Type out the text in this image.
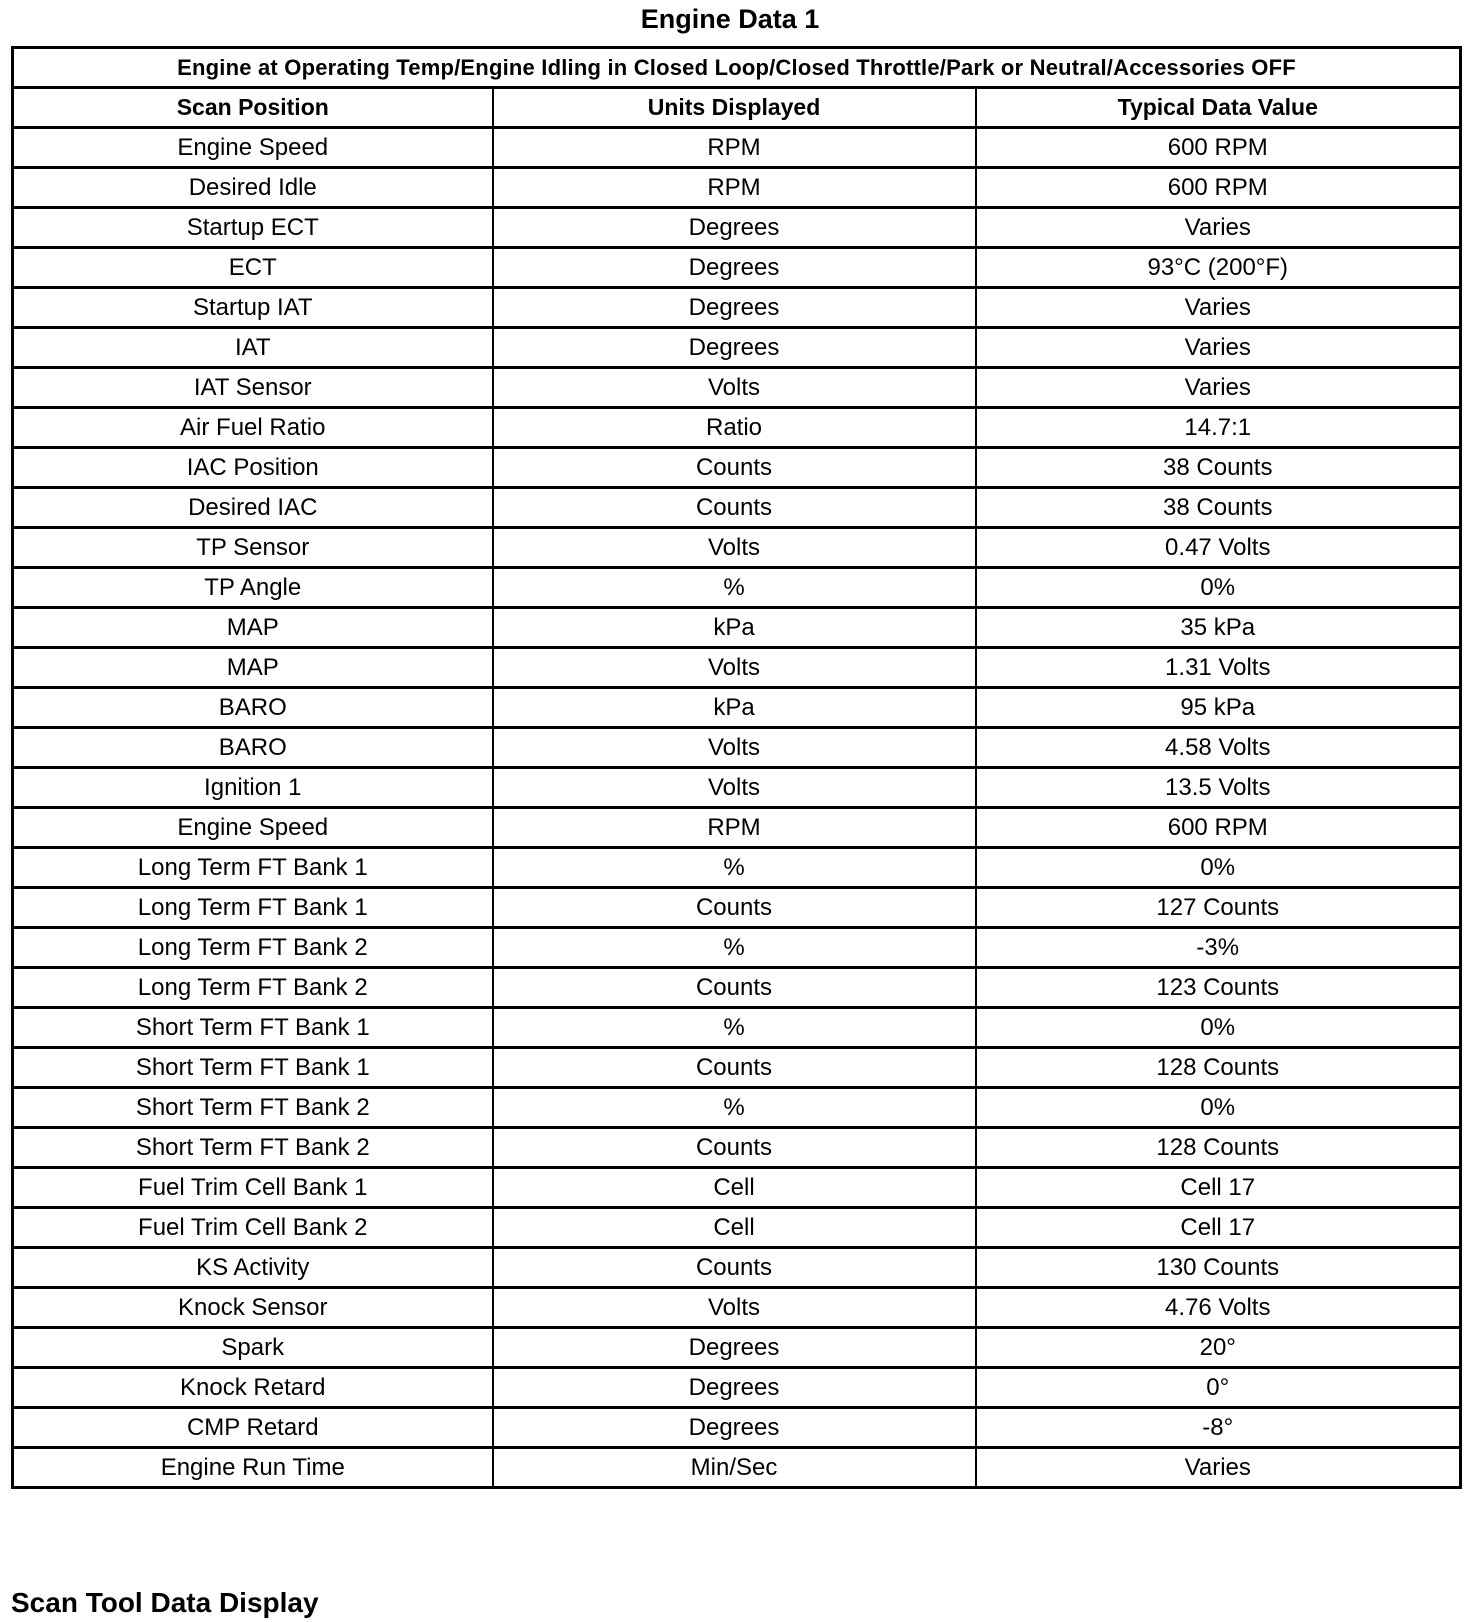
Engine Data 1
Engine at Operating Temp/Engine Idling in Closed Loop/Closed Throttle/Park or Neutral/Accessories OFF		
Scan Position	Units Displayed	Typical Data Value
Engine Speed	RPM	600 RPM
Desired Idle	RPM	600 RPM
Startup ECT	Degrees	Varies
ECT	Degrees	93°C (200°F)
Startup IAT	Degrees	Varies
IAT	Degrees	Varies
IAT Sensor	Volts	Varies
Air Fuel Ratio	Ratio	14.7:1
IAC Position	Counts	38 Counts
Desired IAC	Counts	38 Counts
TP Sensor	Volts	0.47 Volts
TP Angle	%	0%
MAP	kPa	35 kPa
MAP	Volts	1.31 Volts
BARO	kPa	95 kPa
BARO	Volts	4.58 Volts
Ignition 1	Volts	13.5 Volts
Engine Speed	RPM	600 RPM
Long Term FT Bank 1	%	0%
Long Term FT Bank 1	Counts	127 Counts
Long Term FT Bank 2	%	-3%
Long Term FT Bank 2	Counts	123 Counts
Short Term FT Bank 1	%	0%
Short Term FT Bank 1	Counts	128 Counts
Short Term FT Bank 2	%	0%
Short Term FT Bank 2	Counts	128 Counts
Fuel Trim Cell Bank 1	Cell	Cell 17
Fuel Trim Cell Bank 2	Cell	Cell 17
KS Activity	Counts	130 Counts
Knock Sensor	Volts	4.76 Volts
Spark	Degrees	20°
Knock Retard	Degrees	0°
CMP Retard	Degrees	-8°
Engine Run Time	Min/Sec	Varies
Scan Tool Data Display
